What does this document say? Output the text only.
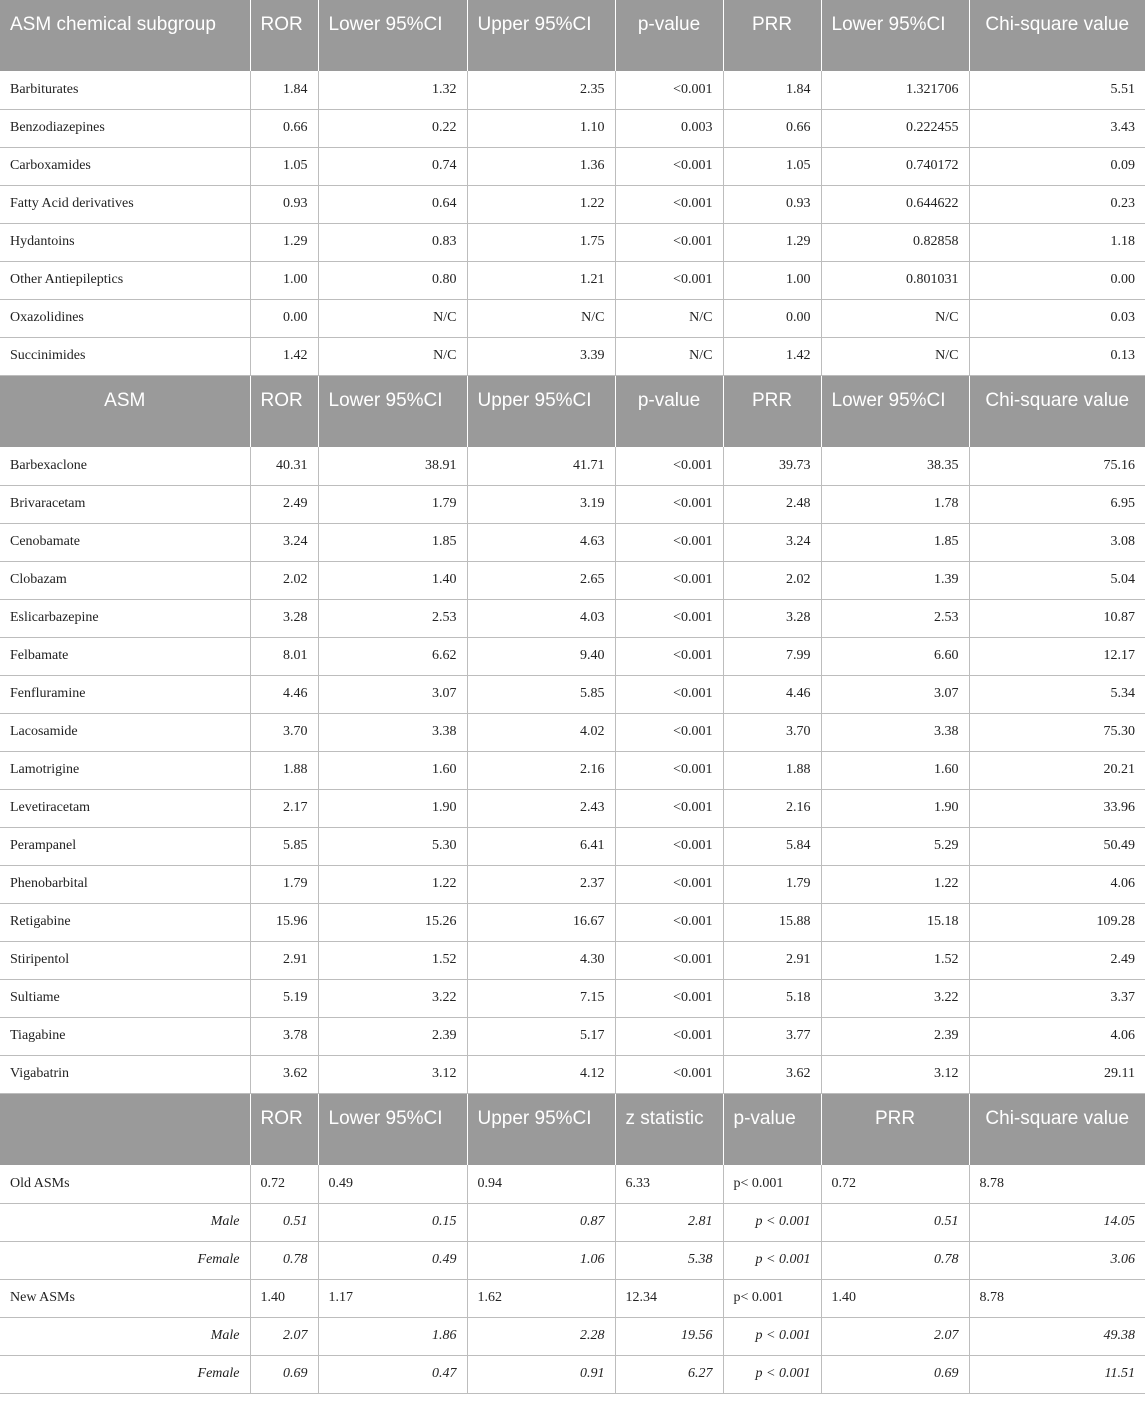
ASM chemical subgroup	ROR	Lower 95%CI	Upper 95%CI	p-value	PRR	Lower 95%CI	Chi-square value
Barbiturates	1.84	1.32	2.35	<0.001	1.84	1.321706	5.51
Benzodiazepines	0.66	0.22	1.10	0.003	0.66	0.222455	3.43
Carboxamides	1.05	0.74	1.36	<0.001	1.05	0.740172	0.09
Fatty Acid derivatives	0.93	0.64	1.22	<0.001	0.93	0.644622	0.23
Hydantoins	1.29	0.83	1.75	<0.001	1.29	0.82858	1.18
Other Antiepileptics	1.00	0.80	1.21	<0.001	1.00	0.801031	0.00
Oxazolidines	0.00	N/C	N/C	N/C	0.00	N/C	0.03
Succinimides	1.42	N/C	3.39	N/C	1.42	N/C	0.13
ASM	ROR	Lower 95%CI	Upper 95%CI	p-value	PRR	Lower 95%CI	Chi-square value
Barbexaclone	40.31	38.91	41.71	<0.001	39.73	38.35	75.16
Brivaracetam	2.49	1.79	3.19	<0.001	2.48	1.78	6.95
Cenobamate	3.24	1.85	4.63	<0.001	3.24	1.85	3.08
Clobazam	2.02	1.40	2.65	<0.001	2.02	1.39	5.04
Eslicarbazepine	3.28	2.53	4.03	<0.001	3.28	2.53	10.87
Felbamate	8.01	6.62	9.40	<0.001	7.99	6.60	12.17
Fenfluramine	4.46	3.07	5.85	<0.001	4.46	3.07	5.34
Lacosamide	3.70	3.38	4.02	<0.001	3.70	3.38	75.30
Lamotrigine	1.88	1.60	2.16	<0.001	1.88	1.60	20.21
Levetiracetam	2.17	1.90	2.43	<0.001	2.16	1.90	33.96
Perampanel	5.85	5.30	6.41	<0.001	5.84	5.29	50.49
Phenobarbital	1.79	1.22	2.37	<0.001	1.79	1.22	4.06
Retigabine	15.96	15.26	16.67	<0.001	15.88	15.18	109.28
Stiripentol	2.91	1.52	4.30	<0.001	2.91	1.52	2.49
Sultiame	5.19	3.22	7.15	<0.001	5.18	3.22	3.37
Tiagabine	3.78	2.39	5.17	<0.001	3.77	2.39	4.06
Vigabatrin	3.62	3.12	4.12	<0.001	3.62	3.12	29.11
	ROR	Lower 95%CI	Upper 95%CI	z statistic	p-value	PRR	Chi-square value
Old ASMs	0.72	0.49	0.94	6.33	p< 0.001	0.72	8.78
Male	0.51	0.15	0.87	2.81	p < 0.001	0.51	14.05
Female	0.78	0.49	1.06	5.38	p < 0.001	0.78	3.06
New ASMs	1.40	1.17	1.62	12.34	p< 0.001	1.40	8.78
Male	2.07	1.86	2.28	19.56	p < 0.001	2.07	49.38
Female	0.69	0.47	0.91	6.27	p < 0.001	0.69	11.51
